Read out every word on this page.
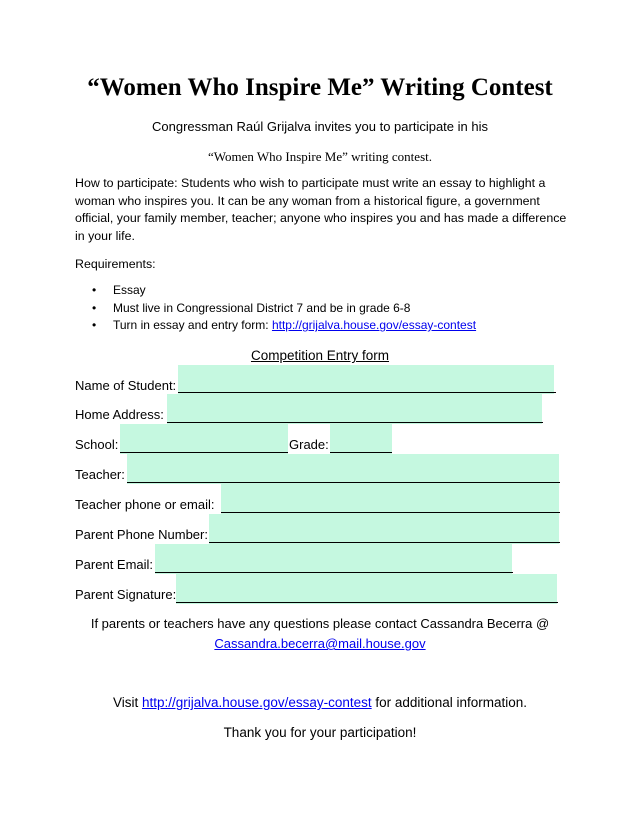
“Women Who Inspire Me” Writing Contest

Congressman Raúl Grijalva invites you to participate in his

“Women Who Inspire Me” writing contest.

How to participate: Students who wish to participate must write an essay to highlight a woman who inspires you. It can be any woman from a historical figure, a government official, your family member, teacher; anyone who inspires you and has made a difference in your life.

Requirements:

• Essay
• Must live in Congressional District 7 and be in grade 6-8
• Turn in essay and entry form: http://grijalva.house.gov/essay-contest

Competition Entry form

Name of Student:
Home Address:
School:	Grade:
Teacher:
Teacher phone or email:
Parent Phone Number:
Parent Email:
Parent Signature:
If parents or teachers have any questions please contact Cassandra Becerra @
Cassandra.becerra@mail.house.gov

Visit http://grijalva.house.gov/essay-contest for additional information.

Thank you for your participation!
